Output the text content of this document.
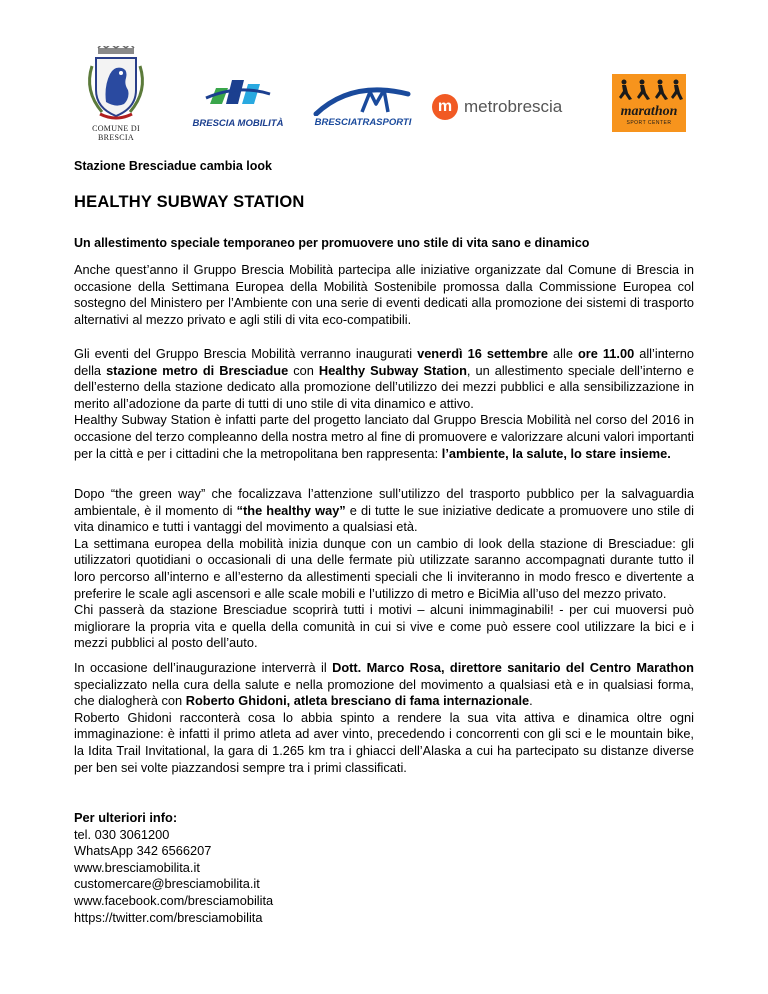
COMUNE DI BRESCIA
BRESCIA MOBILITÀ	BRESCIATRASPORTI
m metrobrescia	marathon
SPORT CENTER
Stazione Bresciadue cambia look
HEALTHY SUBWAY STATION
Un allestimento speciale temporaneo per promuovere uno stile di vita sano e dinamico
Anche quest’anno il Gruppo Brescia Mobilità partecipa alle iniziative organizzate dal Comune di Brescia in occasione della Settimana Europea della Mobilità Sostenibile promossa dalla Commissione Europea col sostegno del Ministero per l’Ambiente con una serie di eventi dedicati alla promozione dei sistemi di trasporto alternativi al mezzo privato e agli stili di vita eco-compatibili.
Gli eventi del Gruppo Brescia Mobilità verranno inaugurati venerdì 16 settembre alle ore 11.00 all’interno della stazione metro di Bresciadue con Healthy Subway Station, un allestimento speciale dell’interno e dell’esterno della stazione dedicato alla promozione dell’utilizzo dei mezzi pubblici e alla sensibilizzazione in merito all’adozione da parte di tutti di uno stile di vita dinamico e attivo.
Healthy Subway Station è infatti parte del progetto lanciato dal Gruppo Brescia Mobilità nel corso del 2016 in occasione del terzo compleanno della nostra metro al fine di promuovere e valorizzare alcuni valori importanti per la città e per i cittadini che la metropolitana ben rappresenta: l’ambiente, la salute, lo stare insieme.
Dopo “the green way” che focalizzava l’attenzione sull’utilizzo del trasporto pubblico per la salvaguardia ambientale, è il momento di “the healthy way” e di tutte le sue iniziative dedicate a promuovere uno stile di vita dinamico e tutti i vantaggi del movimento a qualsiasi età.
La settimana europea della mobilità inizia dunque con un cambio di look della stazione di Bresciadue: gli utilizzatori quotidiani o occasionali di una delle fermate più utilizzate saranno accompagnati durante tutto il loro percorso all’interno e all’esterno da allestimenti speciali che li inviteranno in modo fresco e divertente a preferire le scale agli ascensori e alle scale mobili e l’utilizzo di metro e BiciMia all’uso del mezzo privato.
Chi passerà da stazione Bresciadue scoprirà tutti i motivi – alcuni inimmaginabili! - per cui muoversi può migliorare la propria vita e quella della comunità in cui si vive e come può essere cool utilizzare la bici e i mezzi pubblici al posto dell’auto.
In occasione dell’inaugurazione interverrà il Dott. Marco Rosa, direttore sanitario del Centro Marathon specializzato nella cura della salute e nella promozione del movimento a qualsiasi età e in qualsiasi forma, che dialogherà con Roberto Ghidoni, atleta bresciano di fama internazionale.
Roberto Ghidoni racconterà cosa lo abbia spinto a rendere la sua vita attiva e dinamica oltre ogni immaginazione: è infatti il primo atleta ad aver vinto, precedendo i concorrenti con gli sci e le mountain bike, la Idita Trail Invitational, la gara di 1.265 km tra i ghiacci dell’Alaska a cui ha partecipato su distanze diverse per ben sei volte piazzandosi sempre tra i primi classificati.
Per ulteriori info:
tel. 030 3061200
WhatsApp 342 6566207
www.bresciamobilita.it
customercare@bresciamobilita.it
www.facebook.com/bresciamobilita
https://twitter.com/bresciamobilita
